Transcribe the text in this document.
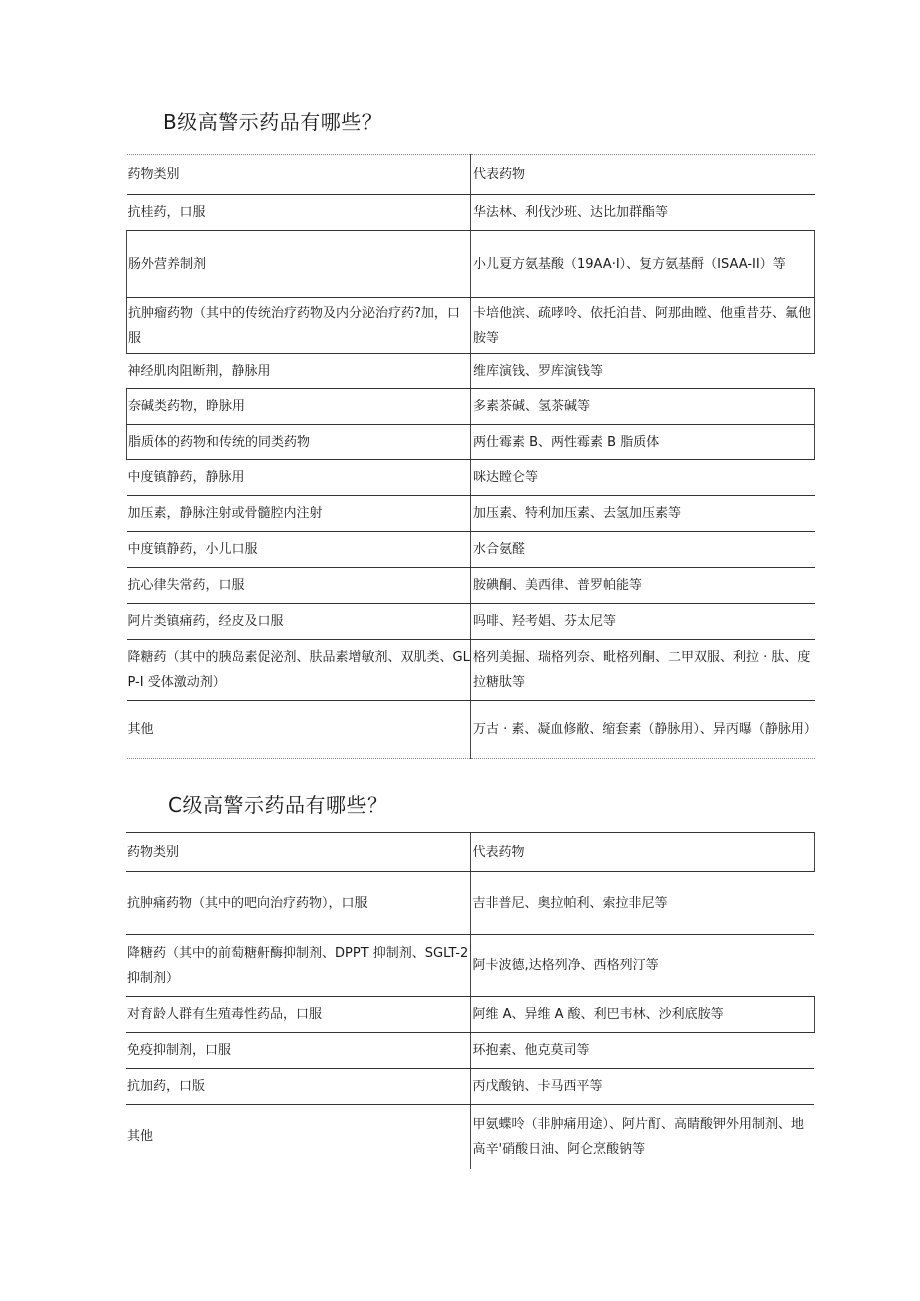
B级高警示药品有哪些？
药物类别	代表药物
抗桂药，口服	华法林、利伐沙班、达比加群酯等
肠外营养制剂	小儿夏方氨基酸（19AA·I）、复方氨基酹（ISAA-II）等
抗肿瘤药物（其中的传统治疗药物及内分泌治疗药?加，口服	卡培他滨、疏哮呤、依托泊昔、阿那曲瞠、他重昔芬、氟他胺等
神经肌肉阻断荆，静脉用	维库演钱、罗库演钱等
奈碱类药物，睁脉用	多素茶碱、氢茶碱等
脂质体的药物和传统的同类药物	两仕霉素 B、两性霉素 B 脂质体
中度镇静药，静脉用	咪达瞠仑等
加压素，静脉注射或骨髓腔内注射	加压素、特利加压素、去氢加压素等
中度镇静药，小儿口服	水合氨醛
抗心律失常药，口服	胺碘酮、美西律、普罗帕能等
阿片类镇痛药，经皮及口服	吗啡、羟考娼、芬太尼等
降糖药（其中的胰岛素促泌剂、肤品素增敏剂、双肌类、GLP-I 受体激动剂）	格列美掘、瑞格列奈、毗格列酮、二甲双服、利拉 · 肽、度拉糖肽等
其他	万古 · 素、凝血修敝、缩套素（静脉用）、异丙曝（静脉用）
C级高警示药品有哪些？
药物类别	代表药物
抗肿痛药物（其中的吧向治疗药物），口服	吉非普尼、奥拉帕利、索拉非尼等
降糖药（其中的前萄糖鼾酶抑制剂、DPPT 抑制剂、SGLT-2 抑制剂）	阿卡波德,达格列净、西格列汀等
对育龄人群有生殖毒性药品，口服	阿维 A、异维 A 酸、利巴韦林、沙利底胺等
免疫抑制剂，口服	环抱素、他克莫司等
抗加药，口版	丙戊酸钠、卡马西平等
其他	甲氨蝶呤（非肿痛用途）、阿片酊、高睛酸钾外用制剂、地高辛'硝酸日油、阿仑烹酸钠等
